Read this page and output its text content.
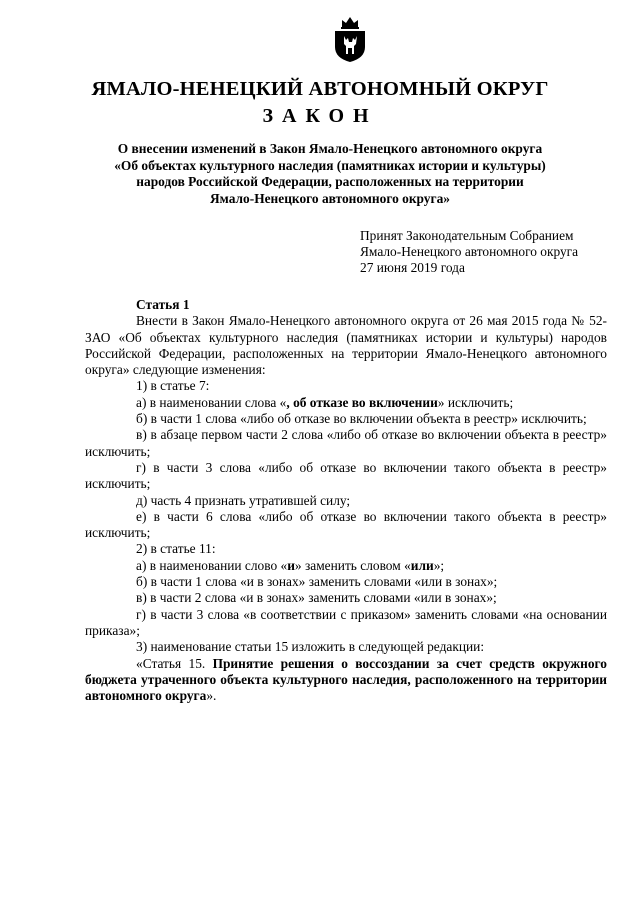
ЯМАЛО-НЕНЕЦКИЙ АВТОНОМНЫЙ ОКРУГ
ЗАКОН
О внесении изменений в Закон Ямало-Ненецкого автономного округа
«Об объектах культурного наследия (памятниках истории и культуры)
народов Российской Федерации, расположенных на территории
Ямало-Ненецкого автономного округа»
Принят Законодательным Собранием
Ямало-Ненецкого автономного округа
27 июня 2019 года

Статья 1

Внести в Закон Ямало-Ненецкого автономного округа от 26 мая 2015 года № 52-ЗАО «Об объектах культурного наследия (памятниках истории и культуры) народов Российской Федерации, расположенных на территории Ямало-Ненецкого автономного округа» следующие изменения:

1) в статье 7:

а) в наименовании слова «, об отказе во включении» исключить;

б) в части 1 слова «либо об отказе во включении объекта в реестр» исключить;

в) в абзаце первом части 2 слова «либо об отказе во включении объекта в реестр» исключить;

г) в части 3 слова «либо об отказе во включении такого объекта в реестр» исключить;

д) часть 4 признать утратившей силу;

е) в части 6 слова «либо об отказе во включении такого объекта в реестр» исключить;

2) в статье 11:

а) в наименовании слово «и» заменить словом «или»;

б) в части 1 слова «и в зонах» заменить словами «или в зонах»;

в) в части 2 слова «и в зонах» заменить словами «или в зонах»;

г) в части 3 слова «в соответствии с приказом» заменить словами «на основании приказа»;

3) наименование статьи 15 изложить в следующей редакции:

«Статья 15. Принятие решения о воссоздании за счет средств окружного бюджета утраченного объекта культурного наследия, расположенного на территории автономного округа».
